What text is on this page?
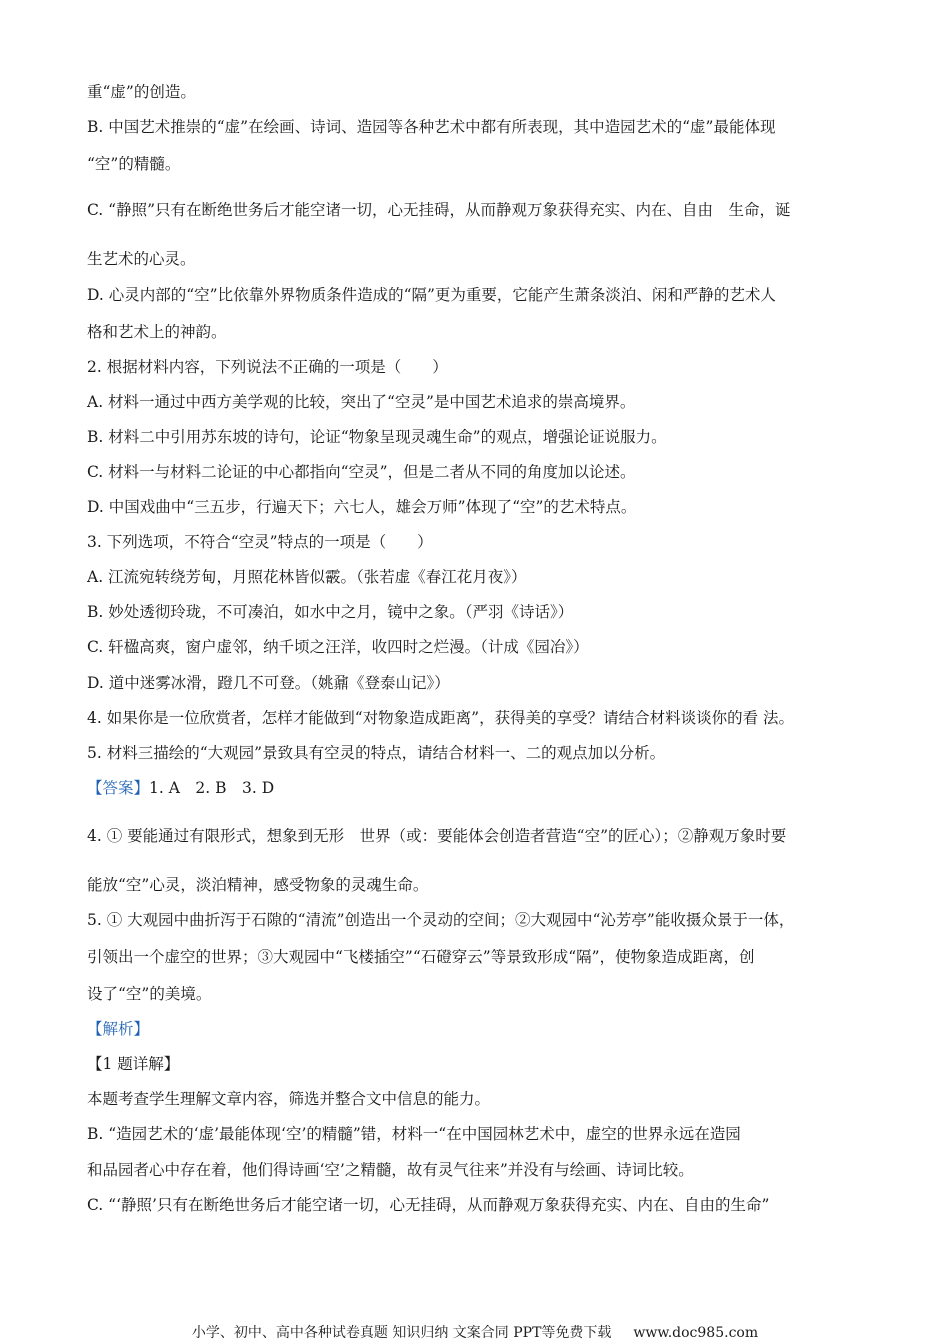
重“虚”的创造。
B. 中国艺术推崇的“虚”在绘画、诗词、造园等各种艺术中都有所表现，其中造园艺术的“虚”最能体现
“空”的精髓。
C. “静照”只有在断绝世务后才能空诸一切，心无挂碍，从而静观万象获得充实、内在、自由　生命，诞
生艺术的心灵。
D. 心灵内部的“空”比依靠外界物质条件造成的“隔”更为重要，它能产生萧条淡泊、闲和严静的艺术人
格和艺术上的神韵。
2. 根据材料内容，下列说法不正确的一项是（　　）
A. 材料一通过中西方美学观的比较，突出了“空灵”是中国艺术追求的崇高境界。
B. 材料二中引用苏东坡的诗句，论证“物象呈现灵魂生命”的观点，增强论证说服力。
C. 材料一与材料二论证的中心都指向“空灵”，但是二者从不同的角度加以论述。
D. 中国戏曲中“三五步，行遍天下；六七人，雄会万师”体现了“空”的艺术特点。
3. 下列选项，不符合“空灵”特点的一项是（　　）
A. 江流宛转绕芳甸，月照花林皆似霰。（张若虚《春江花月夜》）
B. 妙处透彻玲珑，不可凑泊，如水中之月，镜中之象。（严羽《诗话》）
C. 轩楹高爽，窗户虚邻，纳千顷之汪洋，收四时之烂漫。（计成《园冶》）
D. 道中迷雾冰滑，蹬几不可登。（姚鼐《登泰山记》）
4. 如果你是一位欣赏者，怎样才能做到“对物象造成距离”，获得美的享受？请结合材料谈谈你的看 法。
5. 材料三描绘的“大观园”景致具有空灵的特点，请结合材料一、二的观点加以分析。
【答案】1. A　2. B　3. D
4. ① 要能通过有限形式，想象到无形　世界（或：要能体会创造者营造“空”的匠心）；②静观万象时要
能放“空”心灵，淡泊精神，感受物象的灵魂生命。
5. ① 大观园中曲折泻于石隙的“清流”创造出一个灵动的空间；②大观园中“沁芳亭”能收摄众景于一体，
引领出一个虚空的世界；③大观园中“飞楼插空”“石磴穿云”等景致形成“隔”，使物象造成距离，创
设了“空”的美境。
【解析】
【1 题详解】
本题考查学生理解文章内容，筛选并整合文中信息的能力。
B. “造园艺术的‘虚’最能体现‘空’的精髓”错，材料一“在中国园林艺术中，虚空的世界永远在造园
和品园者心中存在着，他们得诗画‘空’之精髓，故有灵气往来”并没有与绘画、诗词比较。
C. “‘静照’只有在断绝世务后才能空诸一切，心无挂碍，从而静观万象获得充实、内在、自由的生命”
小学、初中、高中各种试卷真题 知识归纳 文案合同 PPT等免费下载 www.doc985.com
